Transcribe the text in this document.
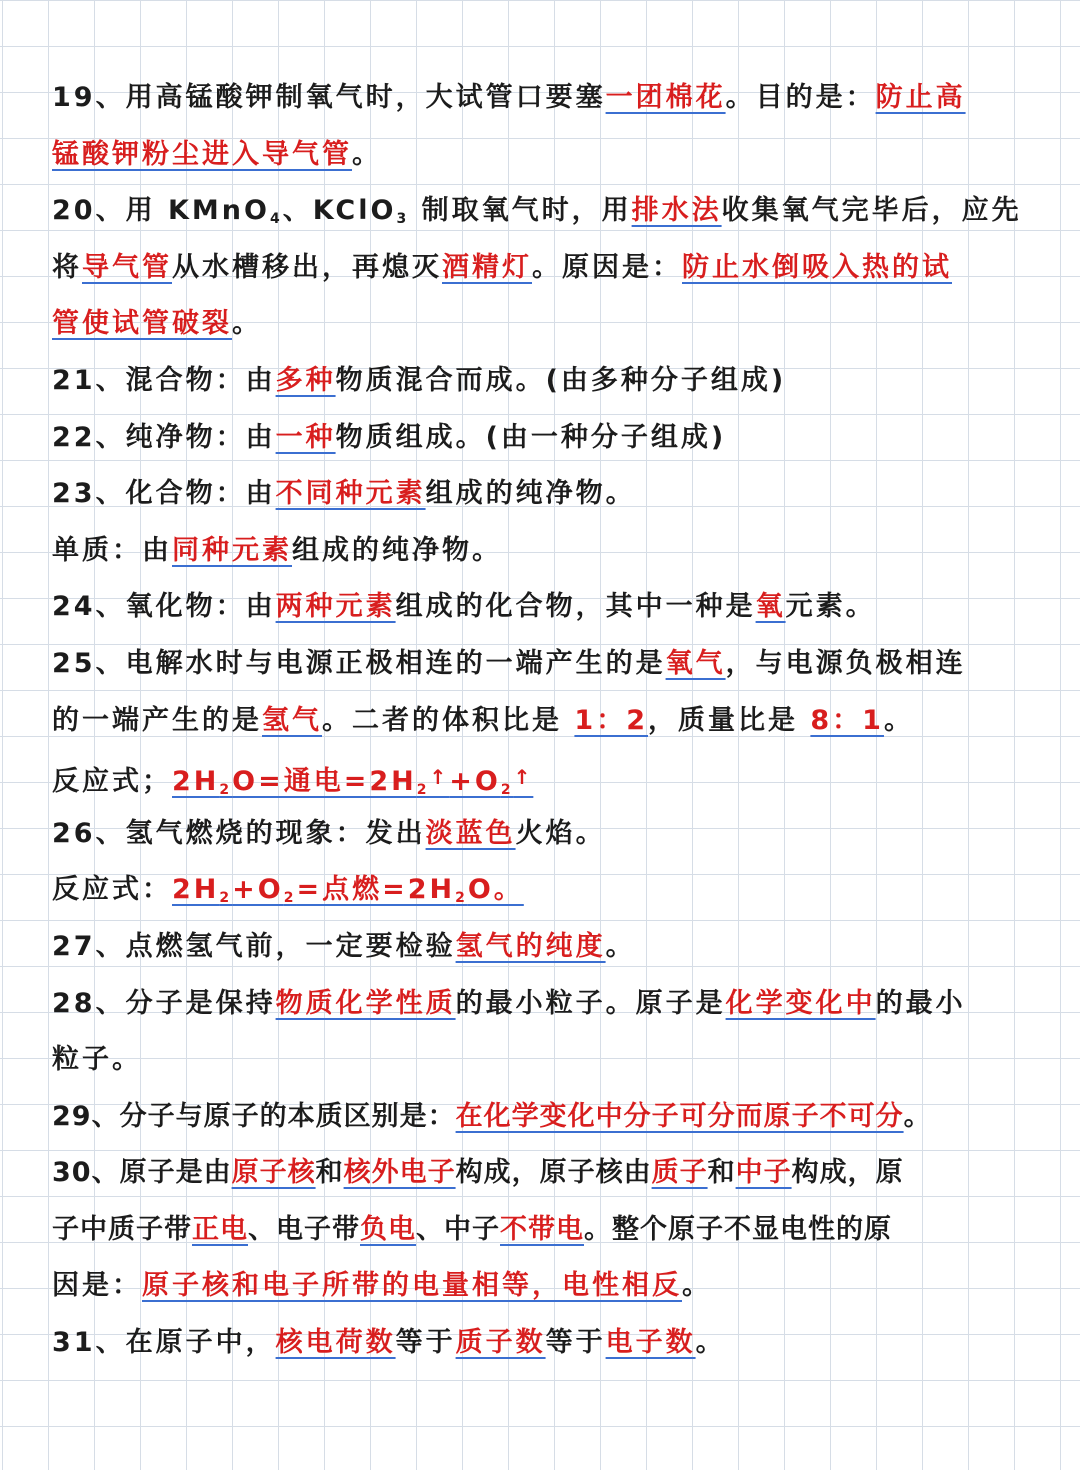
19、用高锰酸钾制氧气时，大试管口要塞一团棉花。目的是：防止高
锰酸钾粉尘进入导气管。
20、用 KMnO$_4$、KClO$_3$ 制取氧气时，用排水法收集氧气完毕后，应先
将导气管从水槽移出，再熄灭酒精灯。原因是：防止水倒吸入热的试
管使试管破裂。
21、混合物：由多种物质混合而成。(由多种分子组成)
22、纯净物：由一种物质组成。(由一种分子组成)
23、化合物：由不同种元素组成的纯净物。
单质：由同种元素组成的纯净物。
24、氧化物：由两种元素组成的化合物，其中一种是氧元素。
25、电解水时与电源正极相连的一端产生的是氧气，与电源负极相连
的一端产生的是氢气。二者的体积比是 1：2，质量比是 8：1。
反应式；$2H_2O=$通电$=2H_2^↑+O_2^↑$
26、氢气燃烧的现象：发出淡蓝色火焰。
反应式：$2H_2+O_2=$点燃$=2H_2O$。
27、点燃氢气前，一定要检验氢气的纯度。
28、分子是保持物质化学性质的最小粒子。原子是化学变化中的最小
粒子。
29、分子与原子的本质区别是：在化学变化中分子可分而原子不可分。
30、原子是由原子核和核外电子构成，原子核由质子和中子构成，原
子中质子带正电、电子带负电、中子不带电。整个原子不显电性的原
因是：原子核和电子所带的电量相等，电性相反。
31、在原子中，核电荷数等于质子数等于电子数。
